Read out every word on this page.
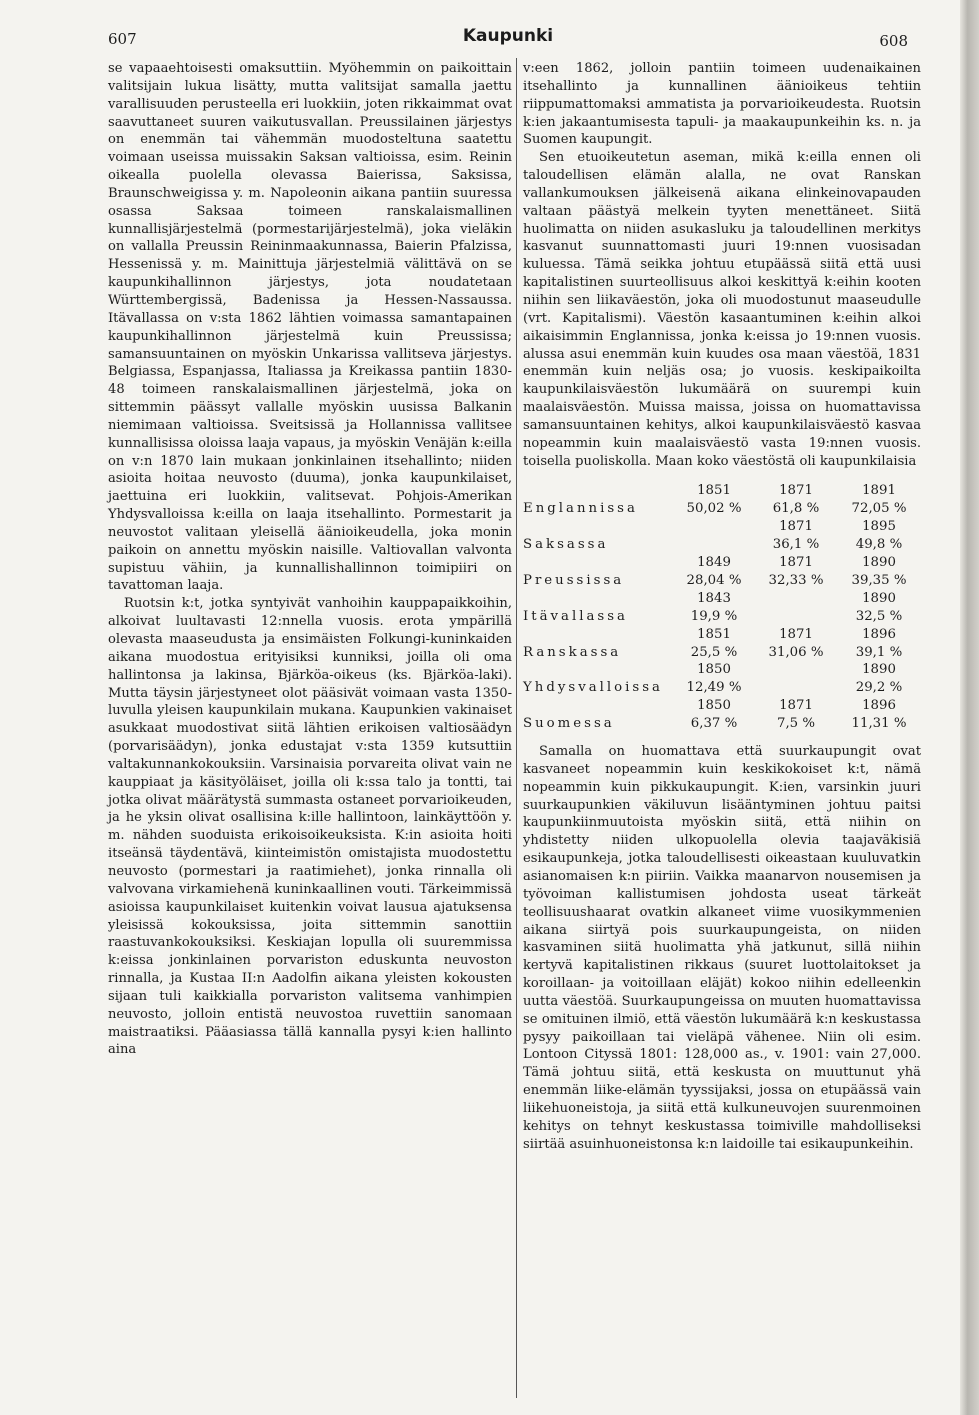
607	Kaupunki	608

se vapaaehtoisesti omaksuttiin. Myöhemmin on paikoittain valitsijain lukua lisätty, mutta valitsijat samalla jaettu varallisuuden perusteella eri luokkiin, joten rikkaimmat ovat saavuttaneet suuren vaikutusvallan. Preussilainen järjestys on enemmän tai vähemmän muodosteltuna saatettu voimaan useissa muissakin Saksan valtioissa, esim. Reinin oikealla puolella olevassa Baierissa, Saksissa, Braunschweigissa y. m. Napoleonin aikana pantiin suuressa osassa Saksaa toimeen ranskalaismallinen kunnallisjärjestelmä (pormestarijärjestelmä), joka vieläkin on vallalla Preussin Reininmaakunnassa, Baierin Pfalzissa, Hessenissä y. m. Mainittuja järjestelmiä välittävä on se kaupunkihallinnon järjestys, jota noudatetaan Württembergissä, Badenissa ja Hessen-Nassaussa. Itävallassa on v:sta 1862 lähtien voimassa samantapainen kaupunkihallinnon järjestelmä kuin Preussissa; samansuuntainen on myöskin Unkarissa vallitseva järjestys. Belgiassa, Espanjassa, Italiassa ja Kreikassa pantiin 1830-48 toimeen ranskalaismallinen järjestelmä, joka on sittemmin päässyt vallalle myöskin uusissa Balkanin niemimaan valtioissa. Sveitsissä ja Hollannissa vallitsee kunnallisissa oloissa laaja vapaus, ja myöskin Venäjän k:eilla on v:n 1870 lain mukaan jonkinlainen itsehallinto; niiden asioita hoitaa neuvosto (duuma), jonka kaupunkilaiset, jaettuina eri luokkiin, valitsevat. Pohjois-Amerikan Yhdysvalloissa k:eilla on laaja itsehallinto. Pormestarit ja neuvostot valitaan yleisellä äänioikeudella, joka monin paikoin on annettu myöskin naisille. Valtiovallan valvonta supistuu vähiin, ja kunnallishallinnon toimipiiri on tavattoman laaja.

Ruotsin k:t, jotka syntyivät vanhoihin kauppapaikkoihin, alkoivat luultavasti 12:nnella vuosis. erota ympärillä olevasta maaseudusta ja ensimäisten Folkungi-kuninkaiden aikana muodostua erityisiksi kunniksi, joilla oli oma hallintonsa ja lakinsa, Bjärköa-oikeus (ks. Bjärköa-laki). Mutta täysin järjestyneet olot pääsivät voimaan vasta 1350-luvulla yleisen kaupunkilain mukana. Kaupunkien vakinaiset asukkaat muodostivat siitä lähtien erikoisen valtiosäädyn (porvarisäädyn), jonka edustajat v:sta 1359 kutsuttiin valtakunnankokouksiin. Varsinaisia porvareita olivat vain ne kauppiaat ja käsityöläiset, joilla oli k:ssa talo ja tontti, tai jotka olivat määrätystä summasta ostaneet porvarioikeuden, ja he yksin olivat osallisina k:ille hallintoon, lainkäyttöön y. m. nähden suoduista erikoisoikeuksista. K:in asioita hoiti itseänsä täydentävä, kiinteimistön omistajista muodostettu neuvosto (pormestari ja raatimiehet), jonka rinnalla oli valvovana virkamiehenä kuninkaallinen vouti. Tärkeimmissä asioissa kaupunkilaiset kuitenkin voivat lausua ajatuksensa yleisissä kokouksissa, joita sittemmin sanottiin raastuvankokouksiksi. Keskiajan lopulla oli suuremmissa k:eissa jonkinlainen porvariston eduskunta neuvoston rinnalla, ja Kustaa II:n Aadolfin aikana yleisten kokousten sijaan tuli kaikkialla porvariston valitsema vanhimpien neuvosto, jolloin entistä neuvostoa ruvettiin sanomaan maistraatiksi. Pääasiassa tällä kannalla pysyi k:ien hallinto aina

v:een 1862, jolloin pantiin toimeen uudenaikainen itsehallinto ja kunnallinen äänioikeus tehtiin riippumattomaksi ammatista ja porvarioikeudesta. Ruotsin k:ien jakaantumisesta tapuli- ja maakaupunkeihin ks. n. ja Suomen kaupungit.

Sen etuoikeutetun aseman, mikä k:eilla ennen oli taloudellisen elämän alalla, ne ovat Ranskan vallankumouksen jälkeisenä aikana elinkeinovapauden valtaan päästyä melkein tyyten menettäneet. Siitä huolimatta on niiden asukasluku ja taloudellinen merkitys kasvanut suunnattomasti juuri 19:nnen vuosisadan kuluessa. Tämä seikka johtuu etupäässä siitä että uusi kapitalistinen suurteollisuus alkoi keskittyä k:eihin kooten niihin sen liikaväestön, joka oli muodostunut maaseudulle (vrt. Kapitalismi). Väestön kasaantuminen k:eihin alkoi aikaisimmin Englannissa, jonka k:eissa jo 19:nnen vuosis. alussa asui enemmän kuin kuudes osa maan väestöä, 1831 enemmän kuin neljäs osa; jo vuosis. keskipaikoilta kaupunkilaisväestön lukumäärä on suurempi kuin maalaisväestön. Muissa maissa, joissa on huomattavissa samansuuntainen kehitys, alkoi kaupunkilaisväestö kasvaa nopeammin kuin maalaisväestö vasta 19:nnen vuosis. toisella puoliskolla. Maan koko väestöstä oli kaupunkilaisia

	1851	1871	1891
Englannissa	50,02 %	61,8 %	72,05 %
		1871	1895
Saksassa		36,1 %	49,8 %
	1849	1871	1890
Preussissa	28,04 %	32,33 %	39,35 %
	1843		1890
Itävallassa	19,9 %		32,5 %
	1851	1871	1896
Ranskassa	25,5 %	31,06 %	39,1 %
	1850		1890
Yhdysvalloissa	12,49 %		29,2 %
	1850	1871	1896
Suomessa	6,37 %	7,5 %	11,31 %

Samalla on huomattava että suurkaupungit ovat kasvaneet nopeammin kuin keskikokoiset k:t, nämä nopeammin kuin pikkukaupungit. K:ien, varsinkin juuri suurkaupunkien väkiluvun lisääntyminen johtuu paitsi kaupunkiinmuutoista myöskin siitä, että niihin on yhdistetty niiden ulkopuolella olevia taajaväkisiä esikaupunkeja, jotka taloudellisesti oikeastaan kuuluvatkin asianomaisen k:n piiriin. Vaikka maanarvon nousemisen ja työvoiman kallistumisen johdosta useat tärkeät teollisuushaarat ovatkin alkaneet viime vuosikymmenien aikana siirtyä pois suurkaupungeista, on niiden kasvaminen siitä huolimatta yhä jatkunut, sillä niihin kertyvä kapitalistinen rikkaus (suuret luottolaitokset ja koroillaan- ja voitoillaan eläjät) kokoo niihin edelleenkin uutta väestöä. Suurkaupungeissa on muuten huomattavissa se omituinen ilmiö, että väestön lukumäärä k:n keskustassa pysyy paikoillaan tai vieläpä vähenee. Niin oli esim. Lontoon Cityssä 1801: 128,000 as., v. 1901: vain 27,000. Tämä johtuu siitä, että keskusta on muuttunut yhä enemmän liike-elämän tyyssijaksi, jossa on etupäässä vain liikehuoneistoja, ja siitä että kulkuneuvojen suurenmoinen kehitys on tehnyt keskustassa toimiville mahdolliseksi siirtää asuinhuoneistonsa k:n laidoille tai esikaupunkeihin.
